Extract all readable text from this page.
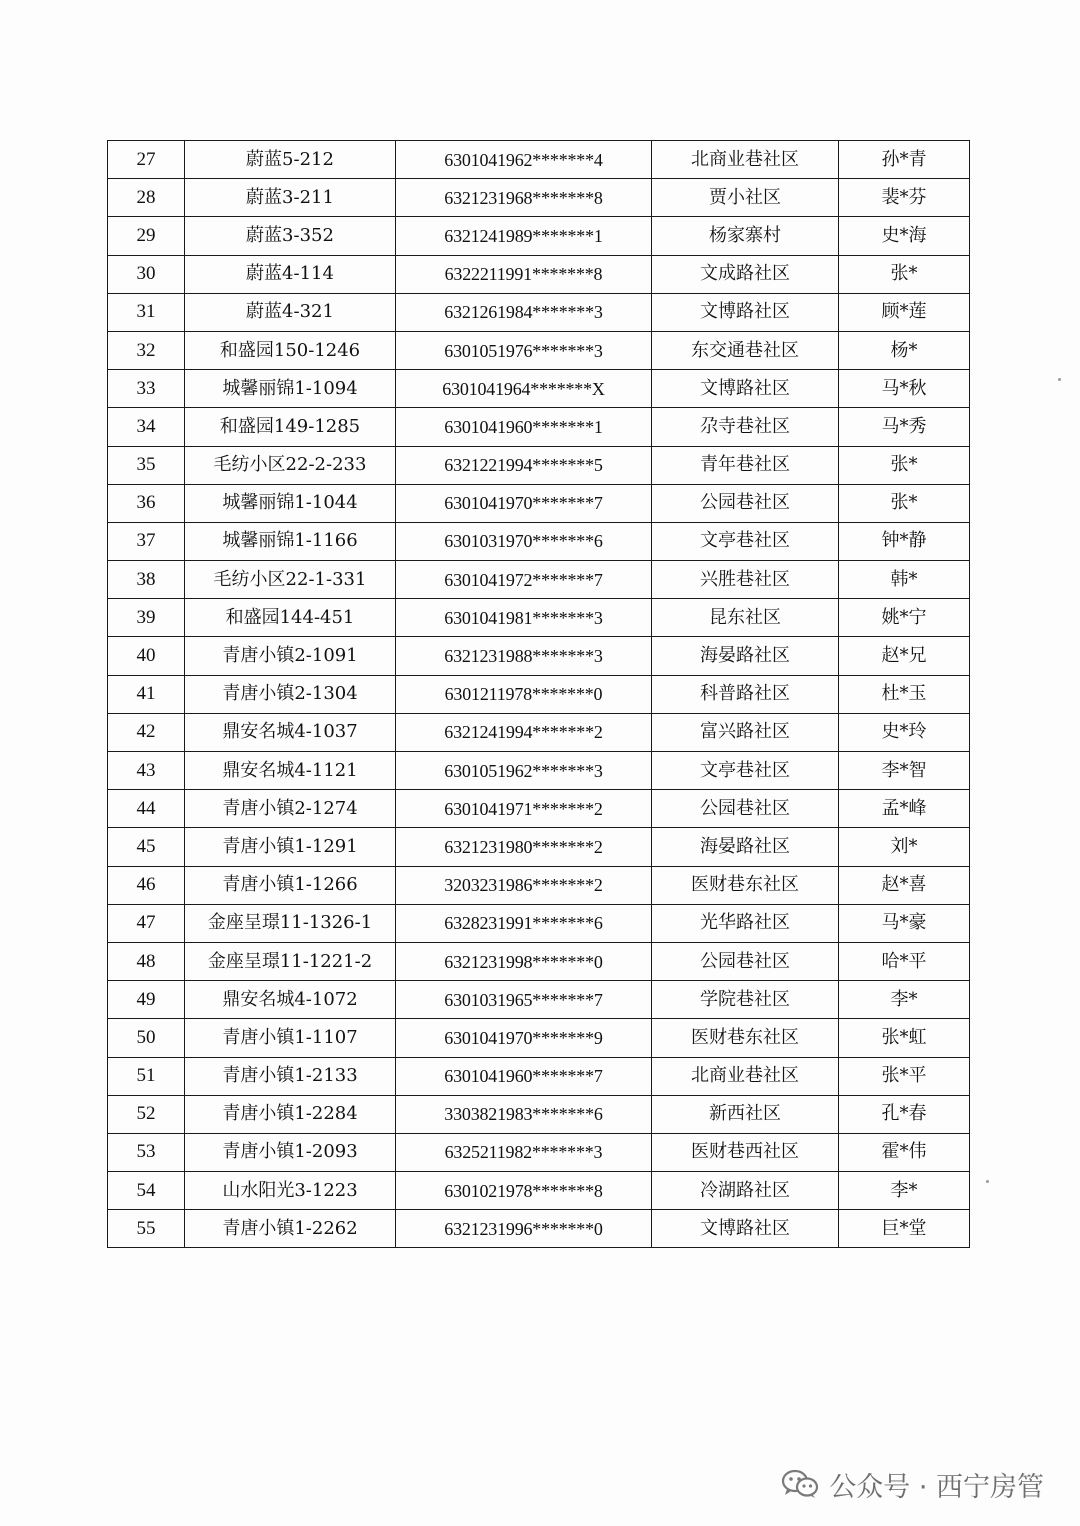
27	蔚蓝5-212	6301041962*******4	北商业巷社区	孙*青
28	蔚蓝3-211	6321231968*******8	贾小社区	裴*芬
29	蔚蓝3-352	6321241989*******1	杨家寨村	史*海
30	蔚蓝4-114	6322211991*******8	文成路社区	张*
31	蔚蓝4-321	6321261984*******3	文博路社区	顾*莲
32	和盛园150-1246	6301051976*******3	东交通巷社区	杨*
33	城馨丽锦1-1094	6301041964*******X	文博路社区	马*秋
34	和盛园149-1285	6301041960*******1	尕寺巷社区	马*秀
35	毛纺小区22-2-233	6321221994*******5	青年巷社区	张*
36	城馨丽锦1-1044	6301041970*******7	公园巷社区	张*
37	城馨丽锦1-1166	6301031970*******6	文亭巷社区	钟*静
38	毛纺小区22-1-331	6301041972*******7	兴胜巷社区	韩*
39	和盛园144-451	6301041981*******3	昆东社区	姚*宁
40	青唐小镇2-1091	6321231988*******3	海晏路社区	赵*兄
41	青唐小镇2-1304	6301211978*******0	科普路社区	杜*玉
42	鼎安名城4-1037	6321241994*******2	富兴路社区	史*玲
43	鼎安名城4-1121	6301051962*******3	文亭巷社区	李*智
44	青唐小镇2-1274	6301041971*******2	公园巷社区	孟*峰
45	青唐小镇1-1291	6321231980*******2	海晏路社区	刘*
46	青唐小镇1-1266	3203231986*******2	医财巷东社区	赵*喜
47	金座呈璟11-1326-1	6328231991*******6	光华路社区	马*豪
48	金座呈璟11-1221-2	6321231998*******0	公园巷社区	哈*平
49	鼎安名城4-1072	6301031965*******7	学院巷社区	李*
50	青唐小镇1-1107	6301041970*******9	医财巷东社区	张*虹
51	青唐小镇1-2133	6301041960*******7	北商业巷社区	张*平
52	青唐小镇1-2284	3303821983*******6	新西社区	孔*春
53	青唐小镇1-2093	6325211982*******3	医财巷西社区	霍*伟
54	山水阳光3-1223	6301021978*******8	冷湖路社区	李*
55	青唐小镇1-2262	6321231996*******0	文博路社区	巨*堂
公众号 · 西宁房管
